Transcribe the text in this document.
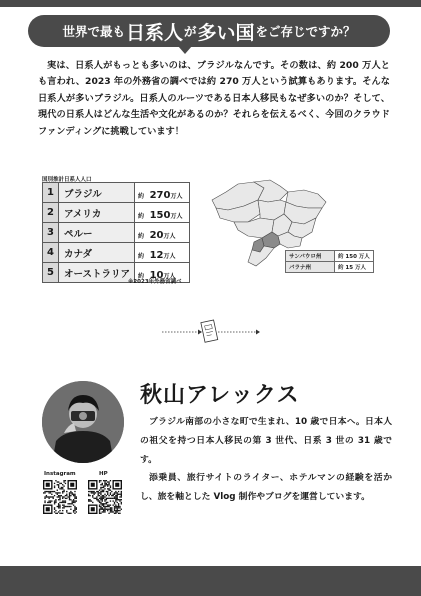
世界で最も 日系人 が 多い国 をご存じですか？

実は、日系人がもっとも多いのは、ブラジルなんです。その数は、約 200 万人とも言われ、2023 年の外務省の調べでは約 270 万人という試算もあります。そんな日系人が多いブラジル。日系人のルーツである日本人移民もなぜ多いのか？そして、現代の日系人はどんな生活や文化があるのか？それらを伝えるべく、今回のクラウドファンディングに挑戦しています！

国別推計日系人人口
1	ブラジル	約 270万人
2	アメリカ	約 150万人
3	ペルー	約 20万人
4	カナダ	約 12万人
5	オーストラリア	約 10万人
※2023年外務省調べ
サンパウロ州	約 150 万人
パラナ州	約 15 万人
秋山アレックス

ブラジル南部の小さな町で生まれ、10 歳で日本へ。日本人の祖父を持つ日本人移民の第 3 世代、日系 3 世の 31 歳です。

添乗員、旅行サイトのライター、ホテルマンの経験を活かし、旅を軸とした Vlog 制作やブログを運営しています。

Instagram	HP
